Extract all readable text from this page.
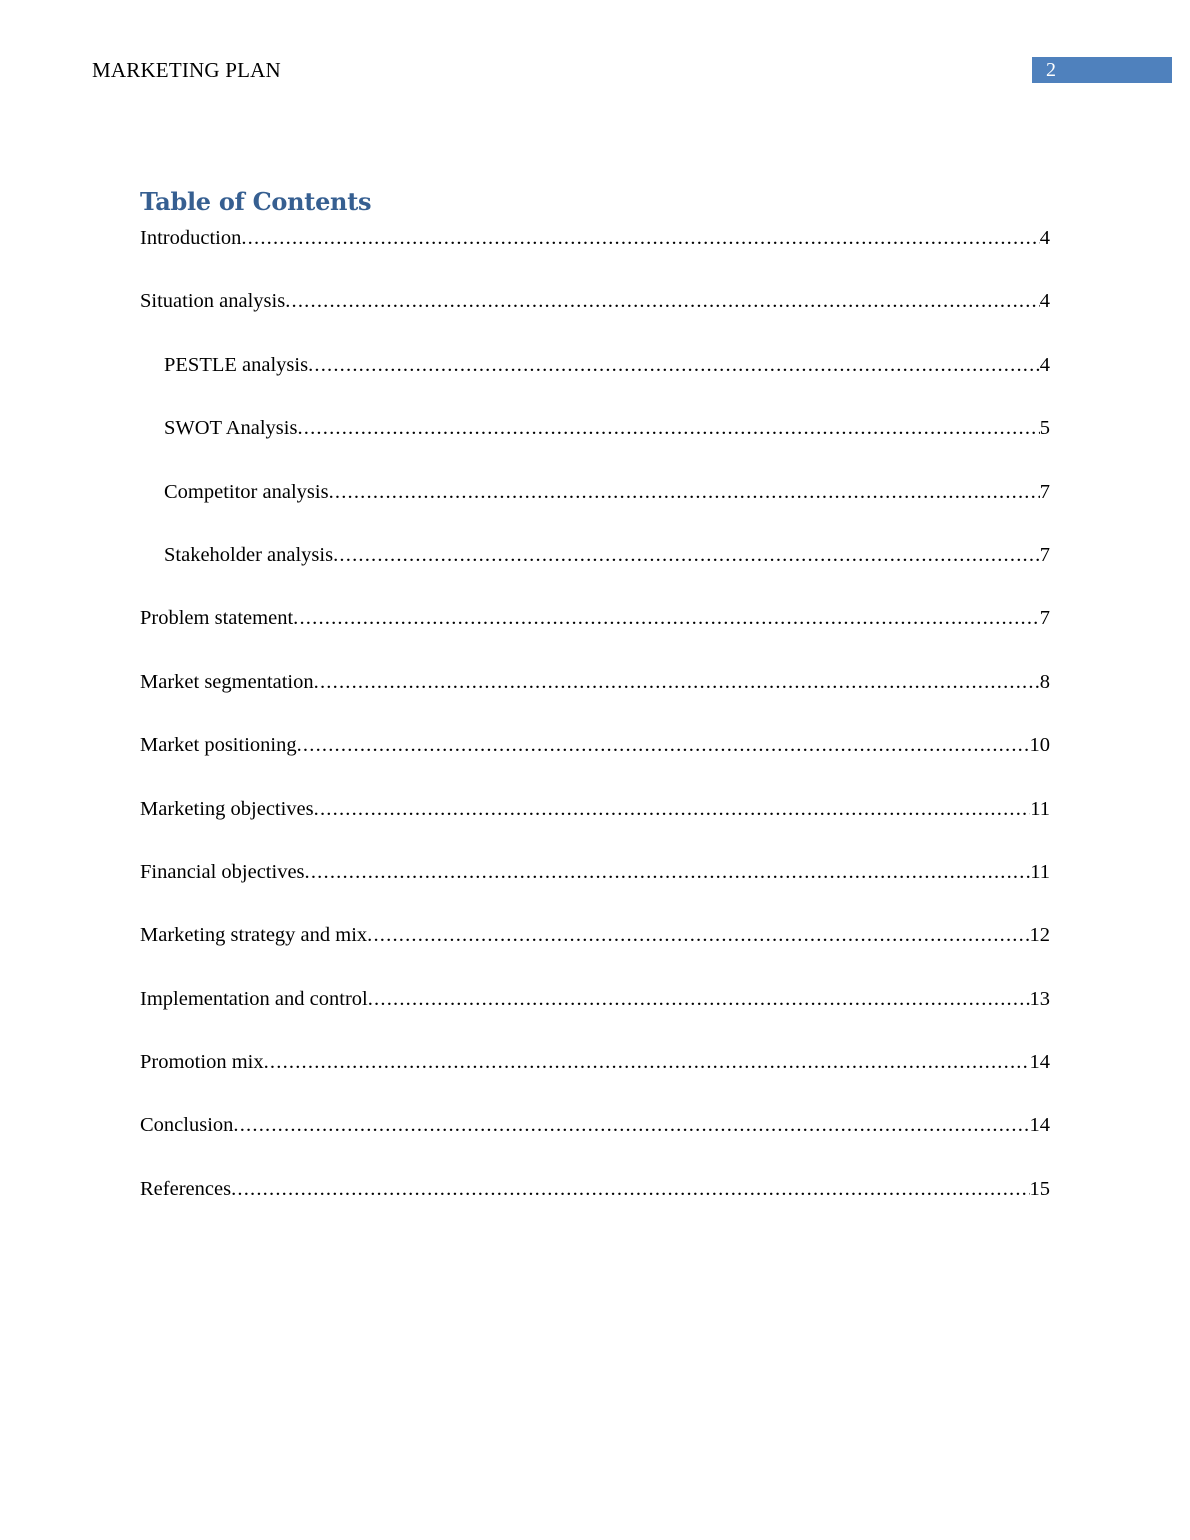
MARKETING PLAN	2
Table of Contents
Introduction .....	4
Situation analysis .....	4
PESTLE analysis .....	4
SWOT Analysis .....	5
Competitor analysis .....	7
Stakeholder analysis .....	7
Problem statement .....	7
Market segmentation .....	8
Market positioning .....	10
Marketing objectives .....	11
Financial objectives .....	11
Marketing strategy and mix .....	12
Implementation and control .....	13
Promotion mix .....	14
Conclusion .....	14
References .....	15
